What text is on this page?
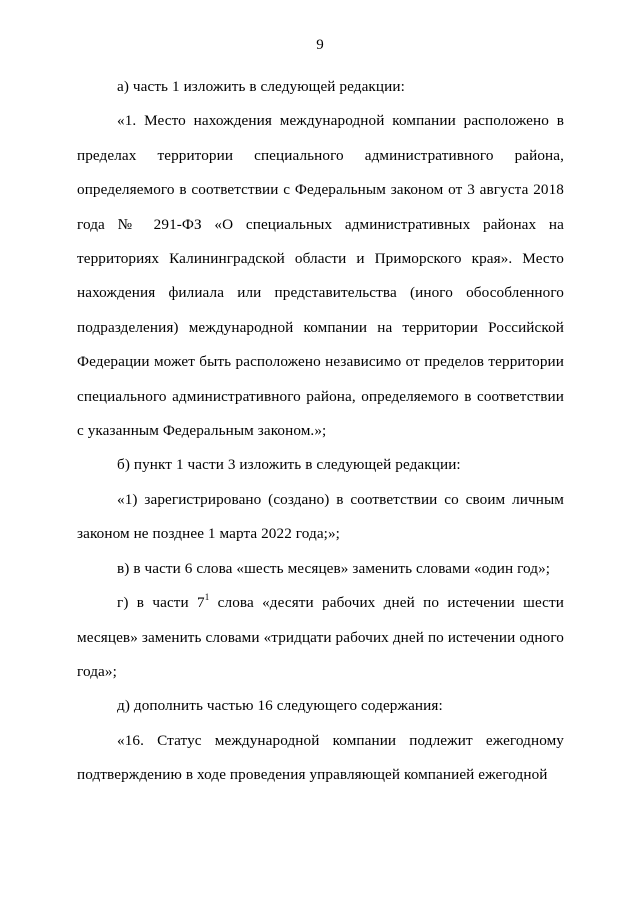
9

а) часть 1 изложить в следующей редакции:

«1. Место нахождения международной компании расположено в пределах территории специального административного района, определяемого в соответствии с Федеральным законом от 3 августа 2018 года № 291-ФЗ «О специальных административных районах на территориях Калининградской области и Приморского края». Место нахождения филиала или представительства (иного обособленного подразделения) международной компании на территории Российской Федерации может быть расположено независимо от пределов территории специального административного района, определяемого в соответствии с указанным Федеральным законом.»;

б) пункт 1 части 3 изложить в следующей редакции:

«1) зарегистрировано (создано) в соответствии со своим личным законом не позднее 1 марта 2022 года;»;

в) в части 6 слова «шесть месяцев» заменить словами «один год»;

г) в части $7^1$ слова «десяти рабочих дней по истечении шести месяцев» заменить словами «тридцати рабочих дней по истечении одного года»;

д) дополнить частью 16 следующего содержания:

«16. Статус международной компании подлежит ежегодному подтверждению в ходе проведения управляющей компанией ежегодной
